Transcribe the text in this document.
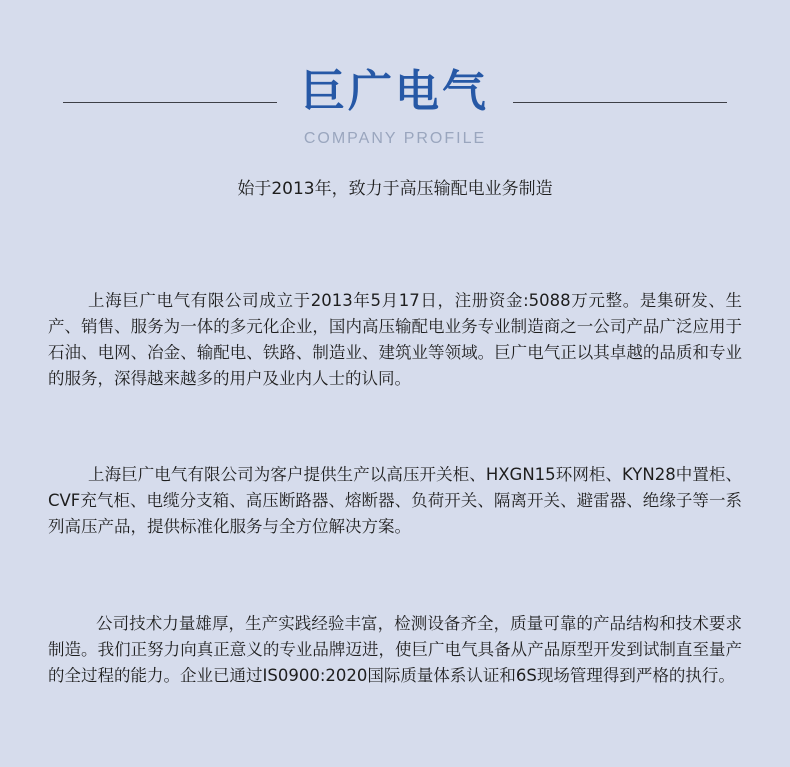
巨广电气
COMPANY PROFILE
始于2013年，致力于高压输配电业务制造

上海巨广电气有限公司成立于2013年5月17日，注册资金:5088万元整。是集研发、生产、销售、服务为一体的多元化企业，国内高压输配电业务专业制造商之一公司产品广泛应用于石油、电网、冶金、输配电、铁路、制造业、建筑业等领域。巨广电气正以其卓越的品质和专业的服务，深得越来越多的用户及业内人士的认同。

上海巨广电气有限公司为客户提供生产以高压开关柜、HXGN15环网柜、KYN28中置柜、CVF充气柜、电缆分支箱、高压断路器、熔断器、负荷开关、隔离开关、避雷器、绝缘子等一系列高压产品，提供标准化服务与全方位解决方案。

公司技术力量雄厚，生产实践经验丰富，检测设备齐全，质量可靠的产品结构和技术要求制造。我们正努力向真正意义的专业品牌迈进，使巨广电气具备从产品原型开发到试制直至量产的全过程的能力。企业已通过IS0900:2020国际质量体系认证和6S现场管理得到严格的执行。
